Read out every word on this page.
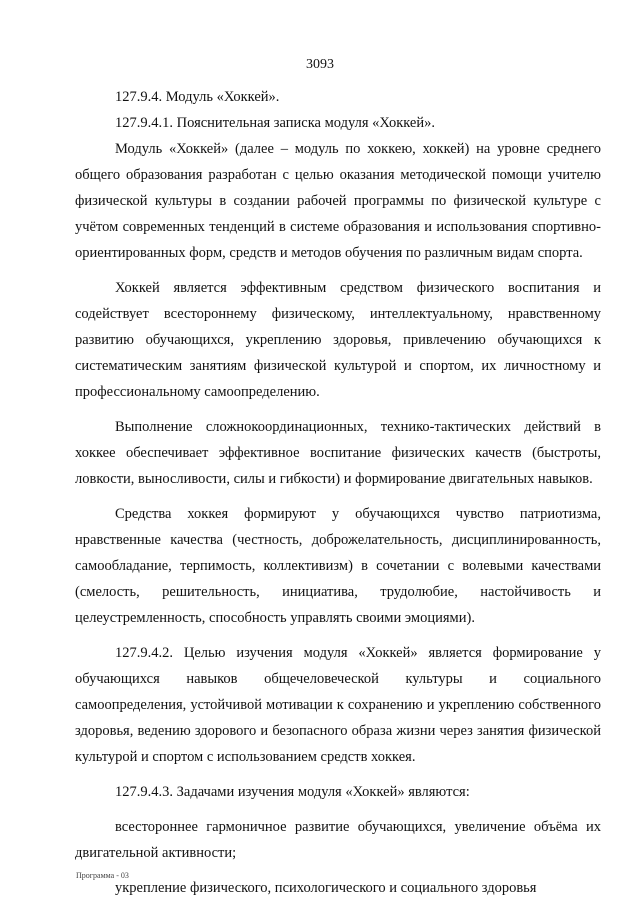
3093

127.9.4. Модуль «Хоккей».

127.9.4.1. Пояснительная записка модуля «Хоккей».

Модуль «Хоккей» (далее – модуль по хоккею, хоккей) на уровне среднего общего образования разработан с целью оказания методической помощи учителю физической культуры в создании рабочей программы по физической культуре с учётом современных тенденций в системе образования и использования спортивно-ориентированных форм, средств и методов обучения по различным видам спорта.

Хоккей является эффективным средством физического воспитания и содействует всестороннему физическому, интеллектуальному, нравственному развитию обучающихся, укреплению здоровья, привлечению обучающихся к систематическим занятиям физической культурой и спортом, их личностному и профессиональному самоопределению.

Выполнение сложнокоординационных, технико-тактических действий в хоккее обеспечивает эффективное воспитание физических качеств (быстроты, ловкости, выносливости, силы и гибкости) и формирование двигательных навыков.

Средства хоккея формируют у обучающихся чувство патриотизма, нравственные качества (честность, доброжелательность, дисциплинированность, самообладание, терпимость, коллективизм) в сочетании с волевыми качествами (смелость, решительность, инициатива, трудолюбие, настойчивость и целеустремленность, способность управлять своими эмоциями).

127.9.4.2. Целью изучения модуля «Хоккей» является формирование у обучающихся навыков общечеловеческой культуры и социального самоопределения, устойчивой мотивации к сохранению и укреплению собственного здоровья, ведению здорового и безопасного образа жизни через занятия физической культурой и спортом с использованием средств хоккея.

127.9.4.3. Задачами изучения модуля «Хоккей» являются:

всестороннее гармоничное развитие обучающихся, увеличение объёма их двигательной активности;

укрепление физического, психологического и социального здоровья

Программа - 03
